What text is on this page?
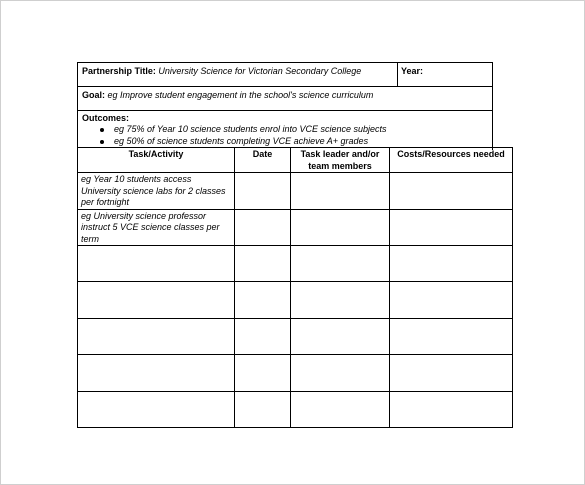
Partnership Title: University Science for Victorian Secondary College	Year:
Goal: eg Improve student engagement in the school's science curriculum
Outcomes:
eg 75% of Year 10 science students enrol into VCE science subjects
eg 50% of science students completing VCE achieve A+ grades
Task/Activity	Date	Task leader and/or team members	Costs/Resources needed
eg Year 10 students access University science labs for 2 classes per fortnight			
eg University science professor instruct 5 VCE science classes per term			
